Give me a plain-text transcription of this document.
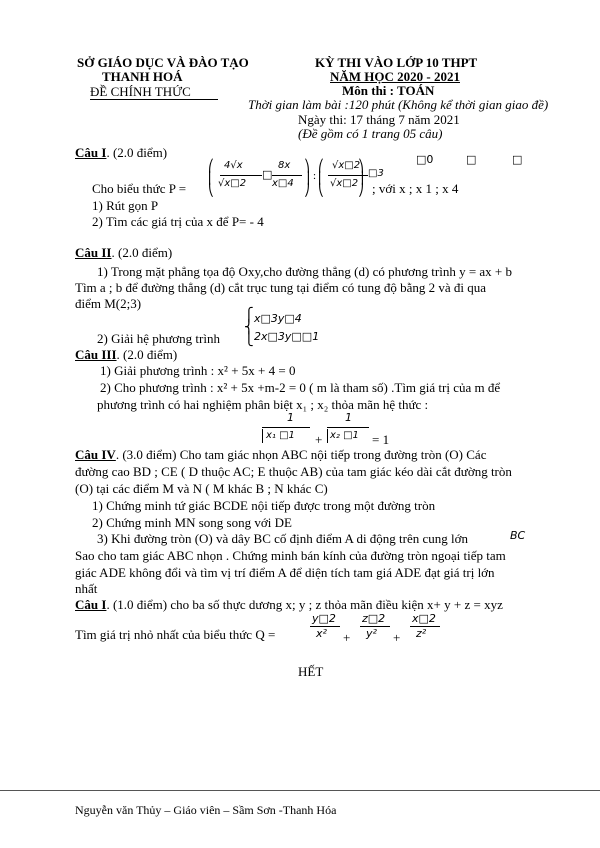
SỞ GIÁO DỤC VÀ ĐÀO TẠO
THANH HOÁ
ĐỀ CHÍNH THỨC
KỲ THI VÀO LỚP 10 THPT
NĂM HỌC 2020 - 2021
Môn thi : TOÁN
Thời gian làm bài :120 phút (Không kể thời gian giao đề)
Ngày thi: 17 tháng 7 năm 2021
(Đề gồm có 1 trang 05 câu)
Câu I. (2.0 điểm)
Cho biểu thức P =
⎛
⎜
⎝
4√x
√x□2
□
8x
x□4
⎞
⎟
⎠
:
⎛
⎜
⎝
√x□2
√x□2
□3
⎞
⎟
⎠ ; với x ; x 1 ; x 4
□0	□	□
1) Rút gọn P
2) Tìm các giá trị của x để P= - 4
Câu II. (2.0 điểm)
1) Trong mặt phẳng tọa độ Oxy,cho đường thẳng (d) có phương trình y = ax + b
Tìm a ; b để đường thẳng (d) cắt trục tung tại điểm có tung độ bằng 2 và đi qua
điểm M(2;3)
2) Giải hệ phương trình
⎧
⎨
⎩
x□3y□4
2x□3y□□1
Câu III. (2.0 điểm)
1) Giải phương trình : x² + 5x + 4 = 0
2) Cho phương trình : x² + 5x +m-2 = 0 ( m là tham số) .Tìm giá trị của m để
phương trình có hai nghiệm phân biệt x₁ ; x₂ thỏa mãn hệ thức :
1
x₁ □1 +
1
x₂ □1 = 1
Câu IV. (3.0 điểm) Cho tam giác nhọn ABC nội tiếp trong đường tròn (O) Các
đường cao BD ; CE ( D thuộc AC; E thuộc AB) của tam giác kéo dài cắt đường tròn
(O) tại các điểm M và N ( M khác B ; N khác C)
1) Chứng minh tứ giác BCDE nội tiếp được trong một đường tròn
2) Chứng minh MN song song với DE
3) Khi đường tròn (O) và dây BC cố định điểm A di động trên cung lớn	BC
Sao cho tam giác ABC nhọn . Chứng minh bán kính của đường tròn ngoại tiếp tam
giác ADE không đổi và tìm vị trí điểm A để diện tích tam giá ADE đạt giá trị lớn
nhất
Câu I. (1.0 điểm) cho ba số thực dương x; y ; z thỏa mãn điều kiện x+ y + z = xyz
Tìm giá trị nhỏ nhất của biểu thức Q =
y□2
x² +
z□2
y² +
x□2
z²
HẾT
Nguyễn văn Thủy – Giáo viên – Sầm Sơn -Thanh Hóa
